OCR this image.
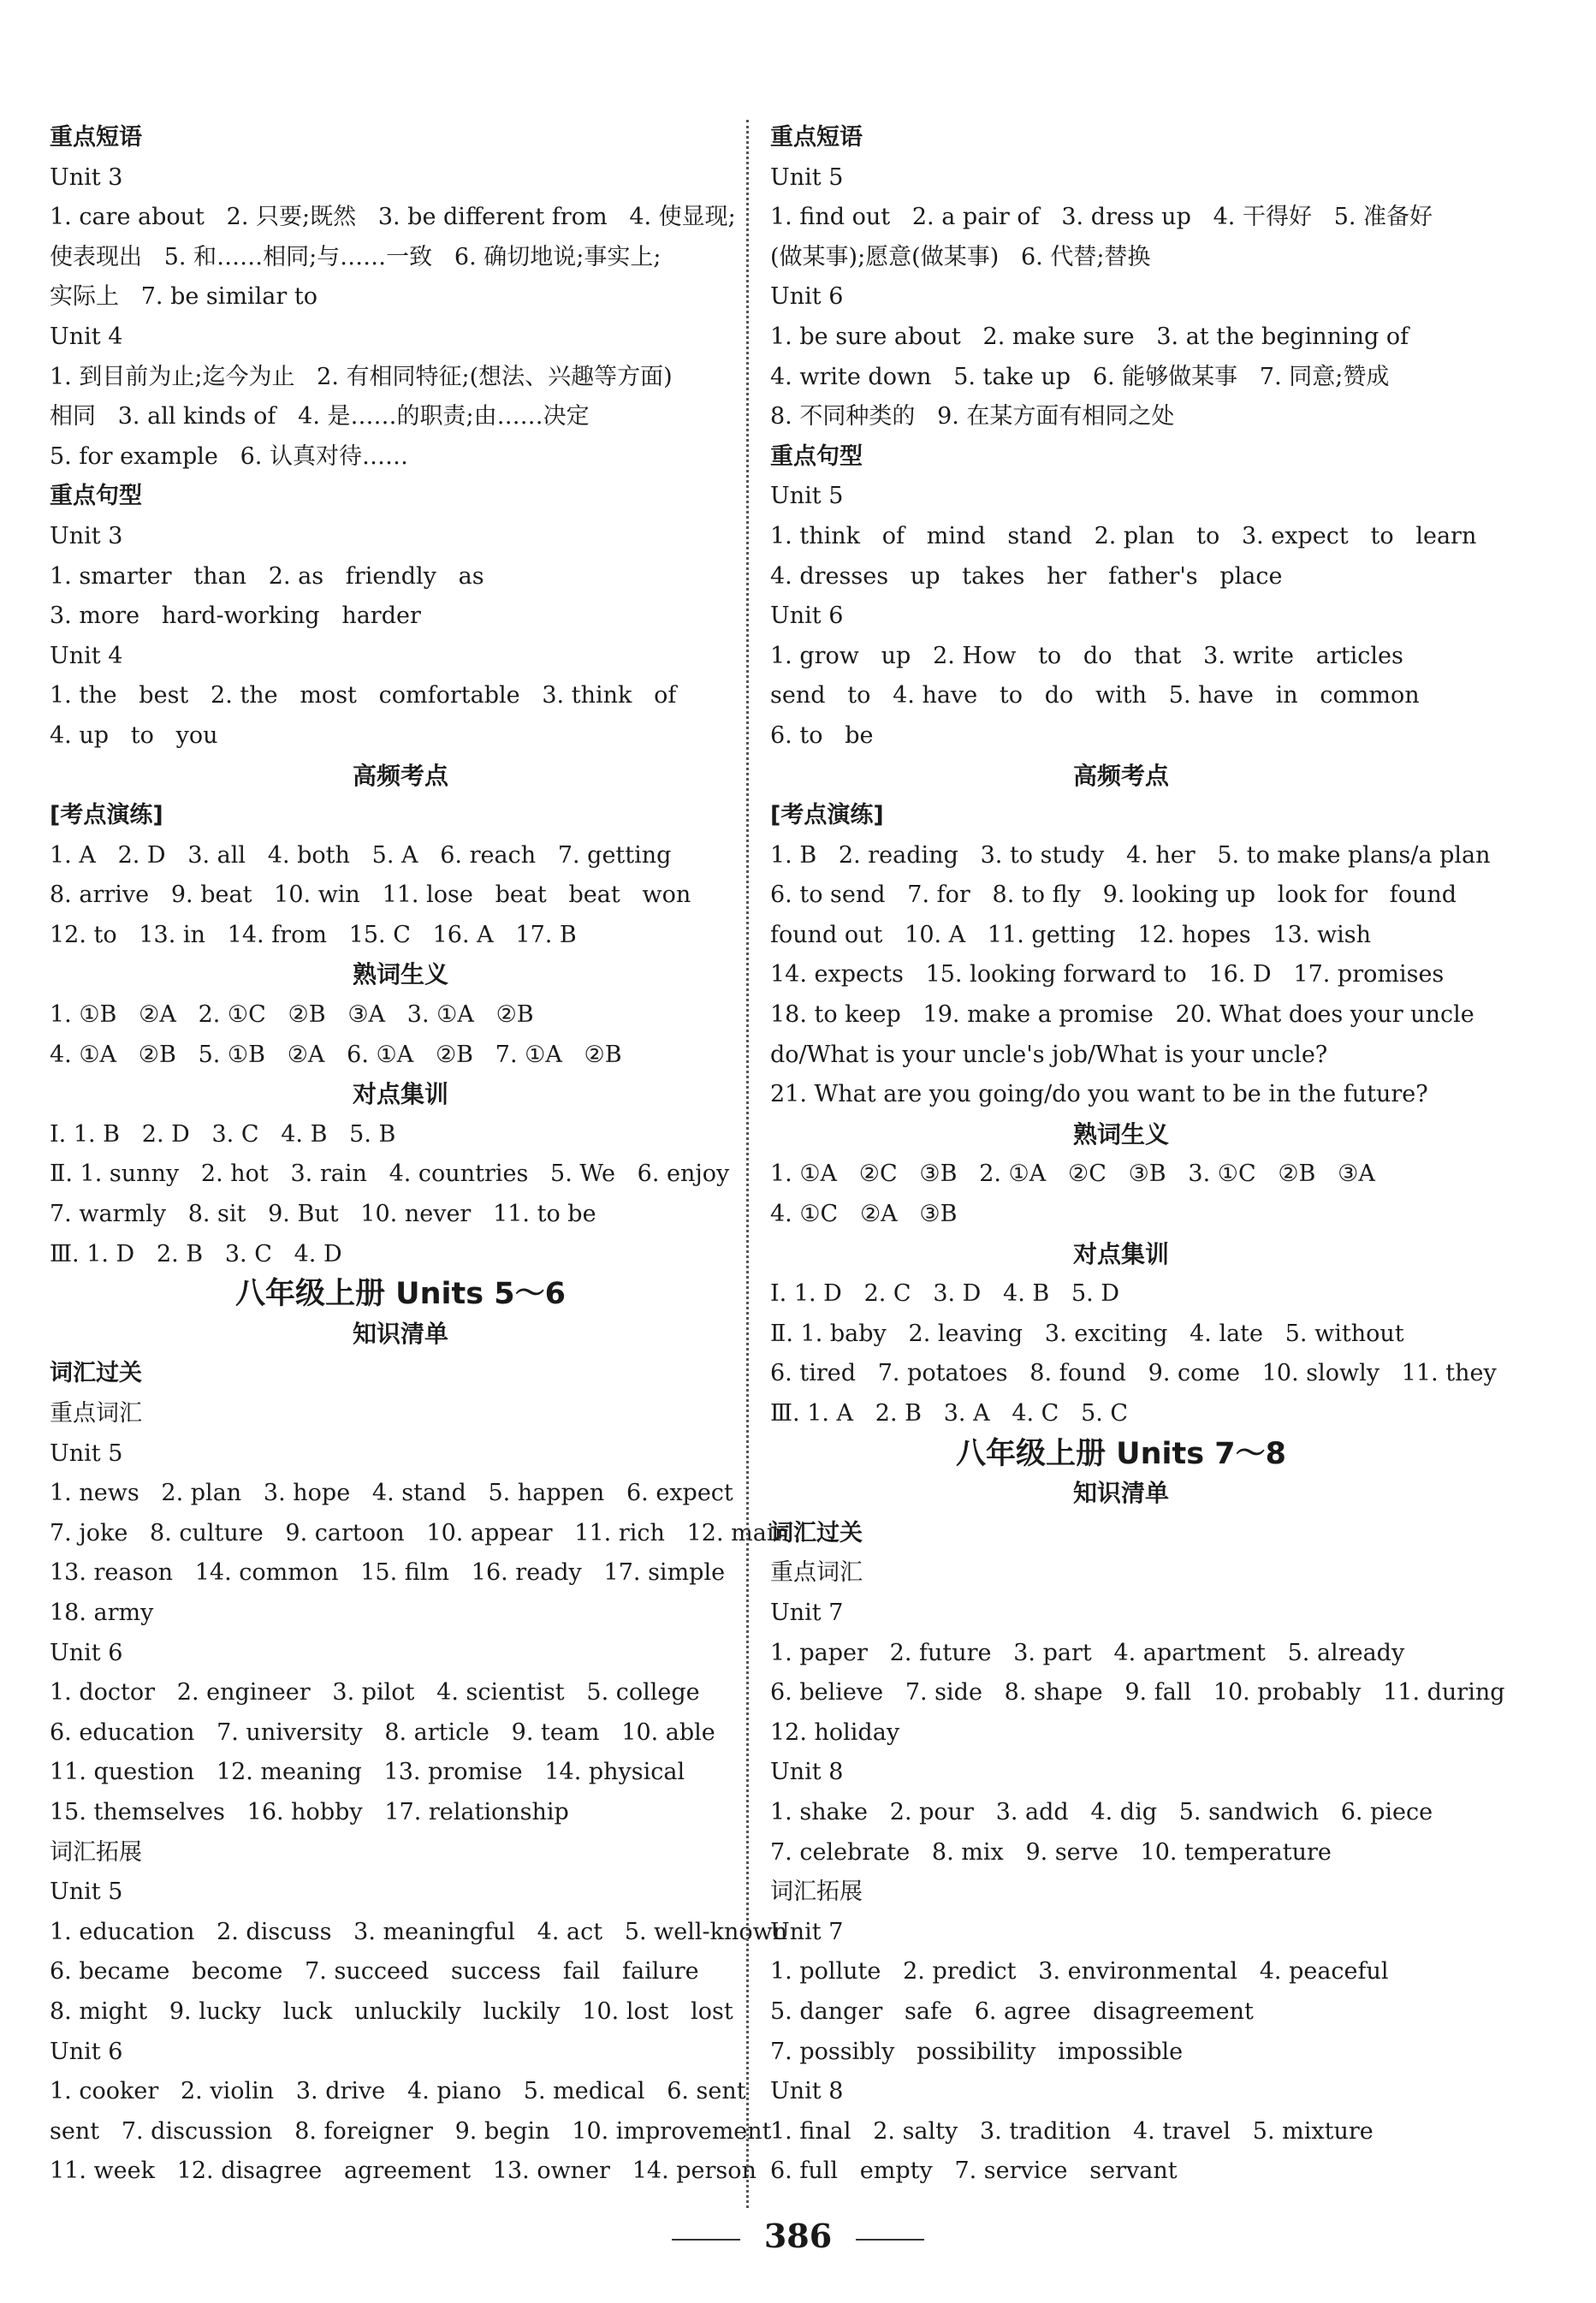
重点短语
Unit 3
1. care about   2. 只要;既然   3. be different from   4. 使显现;
使表现出   5. 和……相同;与……一致   6. 确切地说;事实上;
实际上   7. be similar to
Unit 4
1. 到目前为止;迄今为止   2. 有相同特征;(想法、兴趣等方面)
相同   3. all kinds of   4. 是……的职责;由……决定
5. for example   6. 认真对待……
重点句型
Unit 3
1. smarter   than   2. as   friendly   as
3. more   hard-working   harder
Unit 4
1. the   best   2. the   most   comfortable   3. think   of
4. up   to   you
高频考点
[考点演练]
1. A   2. D   3. all   4. both   5. A   6. reach   7. getting
8. arrive   9. beat   10. win   11. lose   beat   beat   won
12. to   13. in   14. from   15. C   16. A   17. B
熟词生义
1. ①B   ②A   2. ①C   ②B   ③A   3. ①A   ②B
4. ①A   ②B   5. ①B   ②A   6. ①A   ②B   7. ①A   ②B
对点集训
Ⅰ. 1. B   2. D   3. C   4. B   5. B
Ⅱ. 1. sunny   2. hot   3. rain   4. countries   5. We   6. enjoy
7. warmly   8. sit   9. But   10. never   11. to be
Ⅲ. 1. D   2. B   3. C   4. D
八年级上册 Units 5～6
知识清单
词汇过关
重点词汇
Unit 5
1. news   2. plan   3. hope   4. stand   5. happen   6. expect
7. joke   8. culture   9. cartoon   10. appear   11. rich   12. main
13. reason   14. common   15. film   16. ready   17. simple
18. army
Unit 6
1. doctor   2. engineer   3. pilot   4. scientist   5. college
6. education   7. university   8. article   9. team   10. able
11. question   12. meaning   13. promise   14. physical
15. themselves   16. hobby   17. relationship
词汇拓展
Unit 5
1. education   2. discuss   3. meaningful   4. act   5. well-known
6. became   become   7. succeed   success   fail   failure
8. might   9. lucky   luck   unluckily   luckily   10. lost   lost
Unit 6
1. cooker   2. violin   3. drive   4. piano   5. medical   6. sent
sent   7. discussion   8. foreigner   9. begin   10. improvement
11. week   12. disagree   agreement   13. owner   14. person
重点短语
Unit 5
1. find out   2. a pair of   3. dress up   4. 干得好   5. 准备好
(做某事);愿意(做某事)   6. 代替;替换
Unit 6
1. be sure about   2. make sure   3. at the beginning of
4. write down   5. take up   6. 能够做某事   7. 同意;赞成
8. 不同种类的   9. 在某方面有相同之处
重点句型
Unit 5
1. think   of   mind   stand   2. plan   to   3. expect   to   learn
4. dresses   up   takes   her   father's   place
Unit 6
1. grow   up   2. How   to   do   that   3. write   articles
send   to   4. have   to   do   with   5. have   in   common
6. to   be
高频考点
[考点演练]
1. B   2. reading   3. to study   4. her   5. to make plans/a plan
6. to send   7. for   8. to fly   9. looking up   look for   found
found out   10. A   11. getting   12. hopes   13. wish
14. expects   15. looking forward to   16. D   17. promises
18. to keep   19. make a promise   20. What does your uncle
do/What is your uncle's job/What is your uncle?
21. What are you going/do you want to be in the future?
熟词生义
1. ①A   ②C   ③B   2. ①A   ②C   ③B   3. ①C   ②B   ③A
4. ①C   ②A   ③B
对点集训
Ⅰ. 1. D   2. C   3. D   4. B   5. D
Ⅱ. 1. baby   2. leaving   3. exciting   4. late   5. without
6. tired   7. potatoes   8. found   9. come   10. slowly   11. they
Ⅲ. 1. A   2. B   3. A   4. C   5. C
八年级上册 Units 7～8
知识清单
词汇过关
重点词汇
Unit 7
1. paper   2. future   3. part   4. apartment   5. already
6. believe   7. side   8. shape   9. fall   10. probably   11. during
12. holiday
Unit 8
1. shake   2. pour   3. add   4. dig   5. sandwich   6. piece
7. celebrate   8. mix   9. serve   10. temperature
词汇拓展
Unit 7
1. pollute   2. predict   3. environmental   4. peaceful
5. danger   safe   6. agree   disagreement
7. possibly   possibility   impossible
Unit 8
1. final   2. salty   3. tradition   4. travel   5. mixture
6. full   empty   7. service   servant
386
